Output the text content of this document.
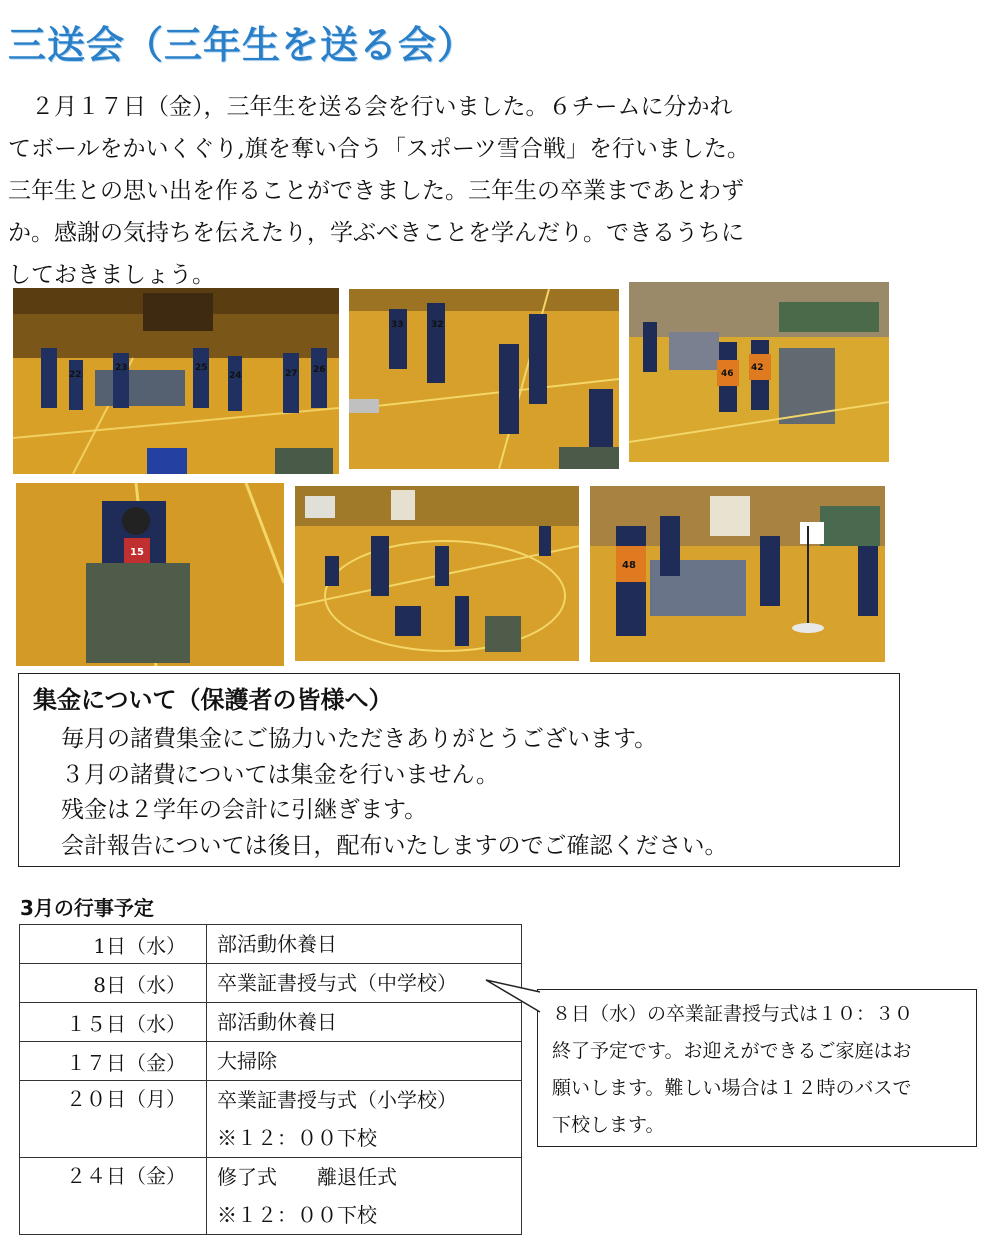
三送会（三年生を送る会）

　２月１７日（金），三年生を送る会を行いました。６チームに分かれ

てボールをかいくぐり,旗を奪い合う「スポーツ雪合戦」を行いました。

三年生との思い出を作ることができました。三年生の卒業まであとわず

か。感謝の気持ちを伝えたり，学ぶべきことを学んだり。できるうちに

しておきましょう。

22
23	25
24	27 26
32
33
42
46
15
48
集金について（保護者の皆様へ）
毎月の諸費集金にご協力いただきありがとうございます。
３月の諸費については集金を行いません。
残金は２学年の会計に引継ぎます。
会計報告については後日，配布いたしますのでご確認ください。
3月の行事予定
1日（水）	部活動休養日

8日（水）	卒業証書授与式（中学校）

１５日（水）	部活動休養日

１７日（金）	大掃除

２０日（月）	卒業証書授与式（小学校）
※１２：００下校

２４日（金）	修了式　　離退任式
※１２：００下校
８日（水）の卒業証書授与式は１０：３０
終了予定です。お迎えができるご家庭はお
願いします。難しい場合は１２時のバスで
下校します。
